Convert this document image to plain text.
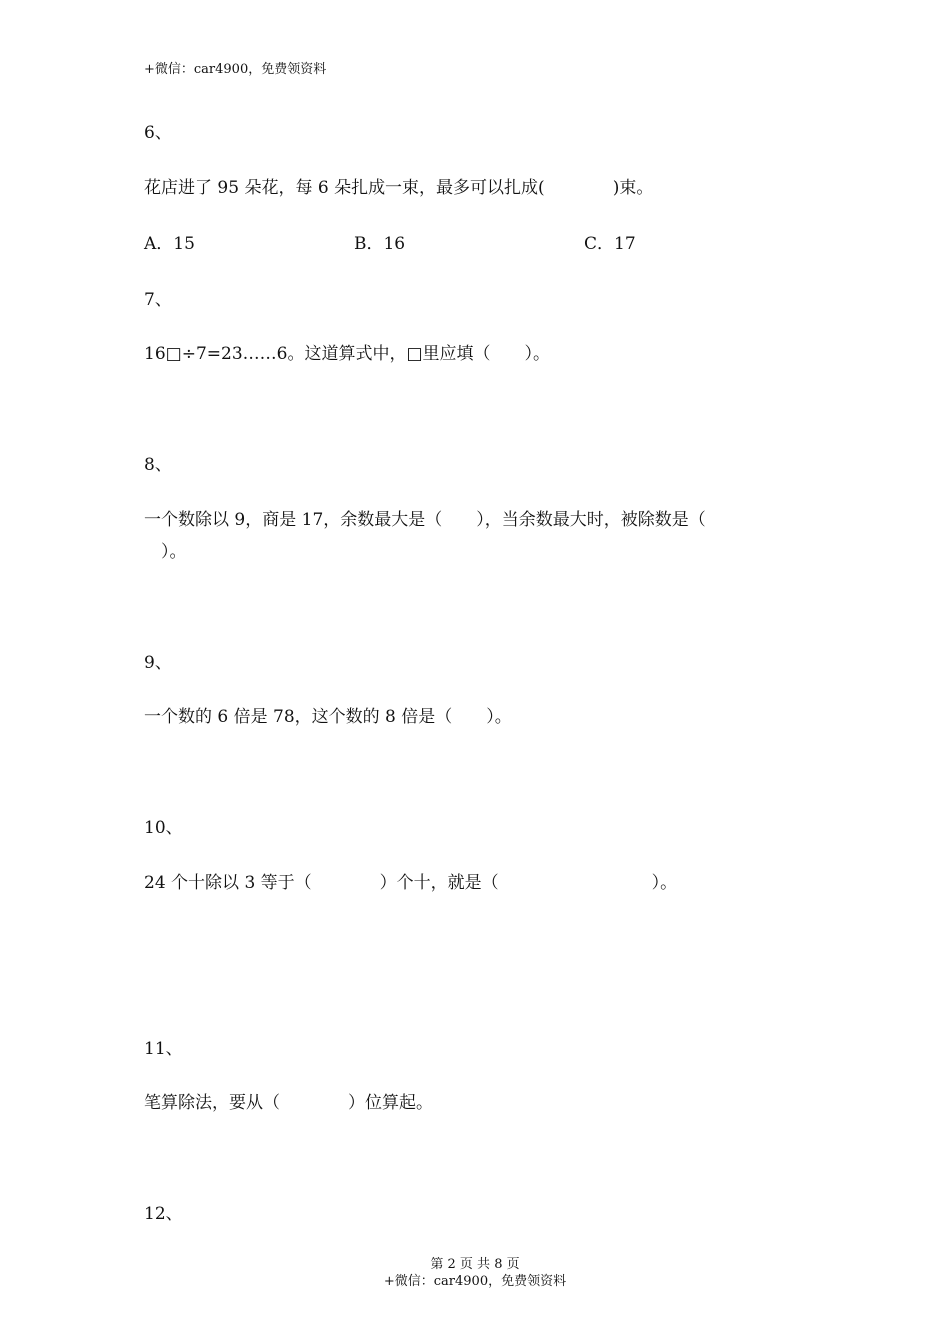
+微信：car4900，免费领资料
6、
花店进了 95 朵花，每 6 朵扎成一束，最多可以扎成(　　　　)束。
A．15	B．16	C．17
7、
16□÷7=23……6。这道算式中，□里应填（　　）。
8、
一个数除以 9，商是 17，余数最大是（　　），当余数最大时，被除数是（
　）。
9、
一个数的 6 倍是 78，这个数的 8 倍是（　　）。
10、
24 个十除以 3 等于（　　　　）个十，就是（　　　　　　　　　）。
11、
笔算除法，要从（　　　　）位算起。
12、
第 2 页 共 8 页
+微信：car4900，免费领资料
